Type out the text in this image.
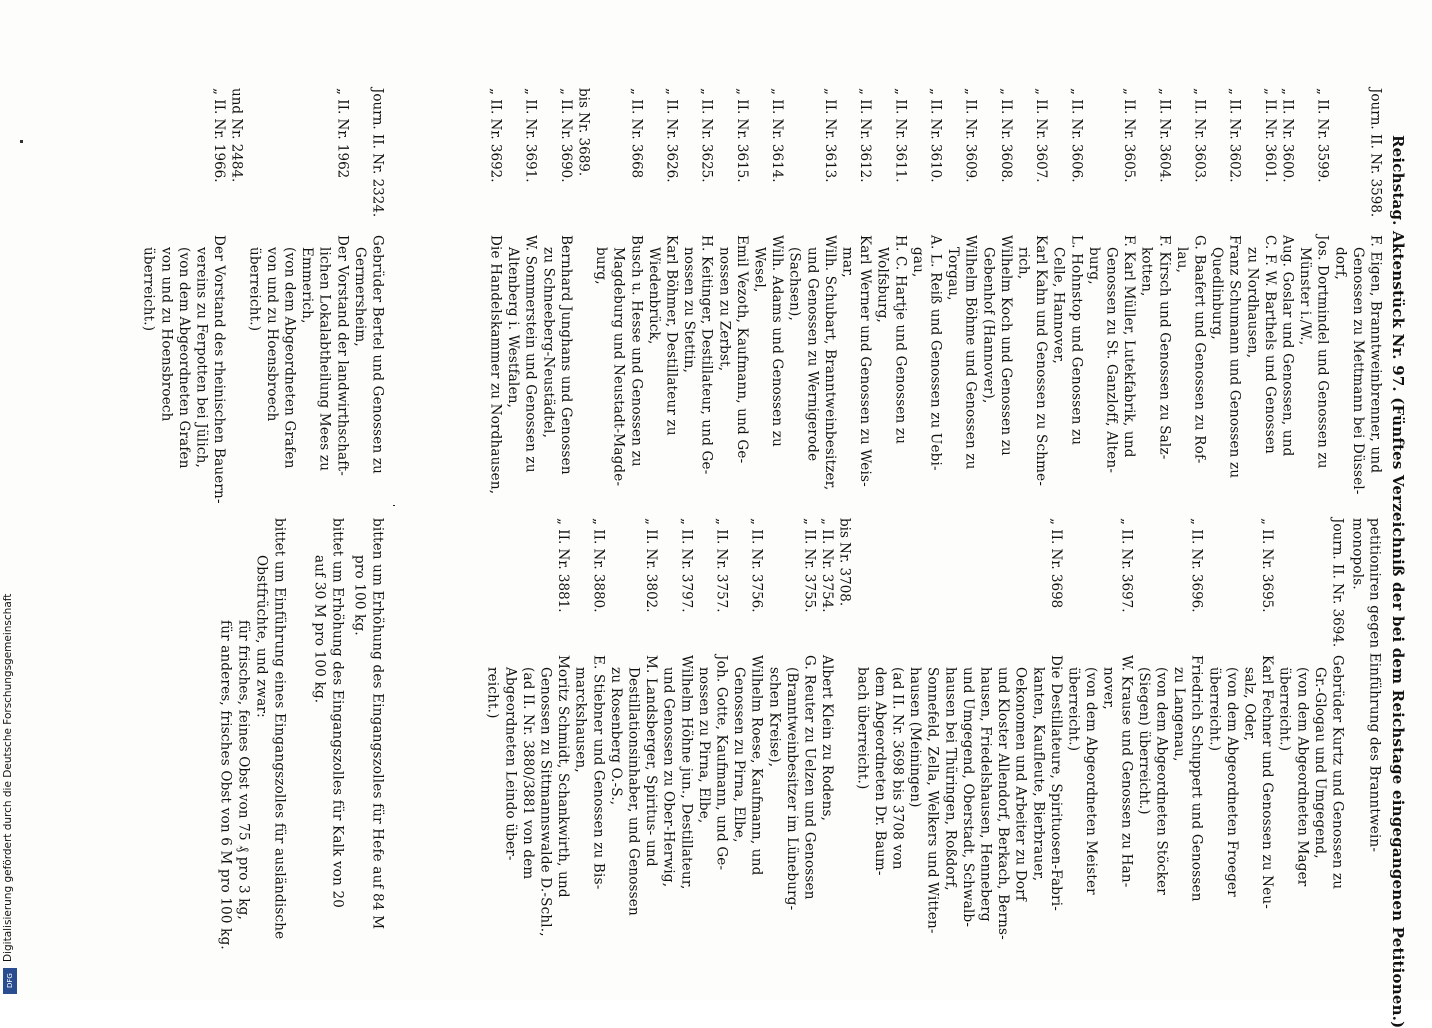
Reichstag. Aktenstück Nr. 97. (Fünftes Verzeichniß der bei dem Reichstage eingegangenen Petitionen.)
Journ. II. Nr. 3598.
F. Eigen, Branntweinbrenner, und
Genossen zu Mettmann bei Düssel-
dorf,
„ II. Nr. 3599.
Jos. Dortmindel und Genossen zu
Münster i./W.,
„ II. Nr. 3600.
Aug. Goslar und Genossen, und
„ II. Nr. 3601.
C. F. W. Barthels und Genossen
zu Nordhausen,
„ II. Nr. 3602.
Franz Schumann und Genossen zu
Quedlinburg,
„ II. Nr. 3603.
G. Baafert und Genossen zu Rof-
lau,
„ II. Nr. 3604.
F. Kirsch und Genossen zu Salz-
kotten,
„ II. Nr. 3605.
F. Karl Müller, Lutekfabrik, und
Genossen zu St. Ganzloff, Alten-
burg,
„ II. Nr. 3606.
L. Hohnstop und Genossen zu
Celle, Hannover,
„ II. Nr. 3607.
Karl Kahn und Genossen zu Schme-
rich,
„ II. Nr. 3608.
Wilhelm Koch und Genossen zu
Gebenhof (Hannover),
„ II. Nr. 3609.
Wilhelm Böhme und Genossen zu
Torgau,
„ II. Nr. 3610.
A. L. Reiß und Genossen zu Uebi-
gau,
„ II. Nr. 3611.
H. C. Hartje und Genossen zu
Wolfsburg,
„ II. Nr. 3612.
Karl Werner und Genossen zu Weis-
mar,
„ II. Nr. 3613.
Wilh. Schubart, Branntweinbesitzer,
und Genossen zu Wernigerode
(Sachsen),
„ II. Nr. 3614.
Wilh. Adams und Genossen zu
Wesel,
„ II. Nr. 3615.
Emil Vezoth, Kaufmann, und Ge-
nossen zu Zerbst,
„ II. Nr. 3625.
H. Keitinger, Destillateur, und Ge-
nossen zu Stettin,
„ II. Nr. 3626.
Karl Böhmer, Destillateur zu
Wiedenbrück,
„ II. Nr. 3668
Busch u. Hesse und Genossen zu
Magdeburg und Neustadt-Magde-
burg,
bis Nr. 3689.
„ II. Nr. 3690.
Bernhard Junghans und Genossen
zu Schneeberg-Neustädtel,
„ II. Nr. 3691.
W. Sommerstein und Genossen zu
Altenberg i. Westfalen,
„ II. Nr. 3692.
Die Handelskammer zu Nordhausen,
Journ. II. Nr. 2324.
Gebrüder Bertel und Genossen zu
Germersheim,
„ II. Nr. 1962
Der Vorstand der landwirthschaft-
lichen Lokalabtheilung Mees zu
Emmerich,
(von dem Abgeordneten Grafen
von und zu Hoensbroech
überreicht.)
und Nr. 2484.
„ II. Nr. 1966.
Der Vorstand des rheinischen Bauern-
vereins zu Ferpotten bei Jülich,
(von dem Abgeordneten Grafen
von und zu Hoensbroech
überreicht.)
petitioniren gegen Einführung des Branntwein-
monopols.
Journ. II. Nr. 3694.
Gebrüder Kurtz und Genossen zu
Gr.-Glogau und Umgegend,
(von dem Abgeordneten Mager
überreicht.)
„ II. Nr. 3695.
Karl Fechner und Genossen zu Neu-
salz, Oder,
(von dem Abgeordneten Froeger
überreicht.)
„ II. Nr. 3696.
Friedrich Schuppert und Genossen
zu Langenau,
(von dem Abgeordneten Stöcker
(Siegen) überreicht.)
„ II. Nr. 3697.
W. Krause und Genossen zu Han-
nover,
(von dem Abgeordneten Meister
überreicht.)
„ II. Nr. 3698
Die Destillateure, Spirituosen-Fabri-
kanten, Kaufleute, Bierbrauer,
Oekonomen und Arbeiter zu Dorf
und Kloster Allendorf, Berkach, Berns-
hausen, Friedelshausen, Henneberg
und Umgegend, Oberstadt, Schwalb-
hausen bei Thüringen, Roßdorf,
Sonnefeld, Zella, Welkers und Witten-
hausen (Meiningen)
(ad II. Nr. 3698 bis 3708 von
dem Abgeordneten Dr. Baum-
bach überreicht.)
bis Nr. 3708.
„ II. Nr. 3754.
Albert Klein zu Rodens,
„ II. Nr. 3755.
G. Reuter zu Uelzen und Genossen
(Branntweinbesitzer im Lüneburg-
schen Kreise),
„ II. Nr. 3756.
Wilhelm Roese, Kaufmann, und
Genossen zu Pirna, Elbe,
„ II. Nr. 3757.
Joh. Gotte, Kaufmann, und Ge-
nossen zu Pirna, Elbe,
„ II. Nr. 3797.
Wilhelm Höhne jun., Destillateur,
und Genossen zu Ober-Herwig,
„ II. Nr. 3802.
M. Landsberger, Spiritus- und
Destillationsinhaber, und Genossen
zu Rosenberg O.-S.,
„ II. Nr. 3880.
E. Stiebner und Genossen zu Bis-
marckshausen,
„ II. Nr. 3881.
Moritz Schmidt, Schankwirth, und
Genossen zu Sittmannswalde D.-Schl.,
(ad II. Nr. 3880/3881 von dem
Abgeordneten Leindo über-
reicht.)
bitten um Erhöhung des Eingangszolles für Hefe auf 84 M
pro 100 kg.
bittet um Erhöhung des Eingangszolles für Kalk von 20
auf 30 M pro 100 kg.
bittet um Einführung eines Eingangszolles für ausländische
Obstfrüchte, und zwar:
für frisches, feines Obst von 75 ₰ pro 3 kg,
für anderes, frisches Obst von 6 M pro 100 kg.
Digitalisierung gefördert durch die Deutsche Forschungsgemeinschaft
DFG
